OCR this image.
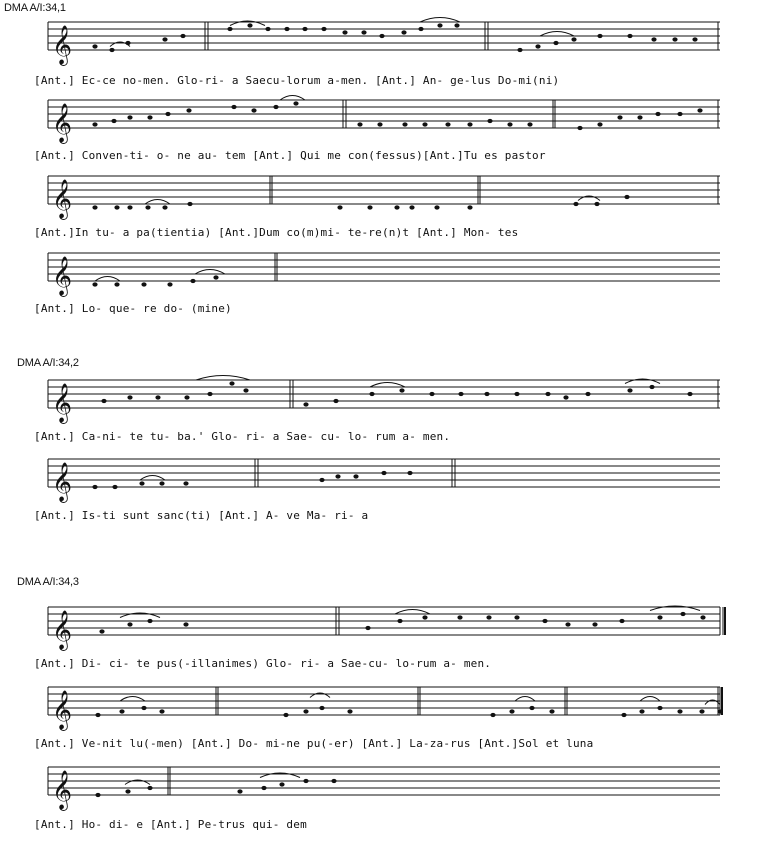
DMA A/I:34,1
DMA A/I:34,2
DMA A/I:34,3
𝄞
𝄞
𝄞
𝄞
𝄞
𝄞
𝄞
𝄞
𝄞
[Ant.] Ec-ce no-men. Glo-ri- a Saecu-lorum a-men. [Ant.] An- ge-lus Do-mi(ni)
[Ant.] Conven-ti- o- ne au- tem [Ant.] Qui me con(fessus)[Ant.]Tu es pastor
[Ant.]In tu- a pa(tientia) [Ant.]Dum co(m)mi- te-re(n)t [Ant.] Mon- tes
[Ant.] Lo- que- re do- (mine)
[Ant.] Ca-ni- te tu- ba.' Glo- ri- a Sae- cu- lo- rum a- men.
[Ant.] Is-ti sunt sanc(ti) [Ant.] A- ve Ma- ri- a
[Ant.] Di- ci- te pus(-illanimes) Glo- ri- a Sae-cu- lo-rum a- men.
[Ant.] Ve-nit lu(-men) [Ant.] Do- mi-ne pu(-er) [Ant.] La-za-rus [Ant.]Sol et luna
[Ant.] Ho- di- e [Ant.] Pe-trus qui- dem
